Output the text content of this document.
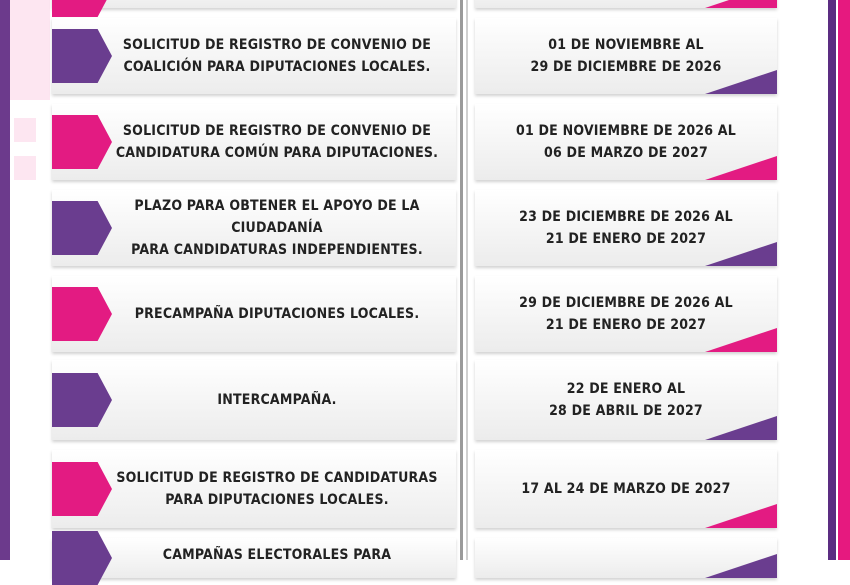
SOLICITUD DE REGISTRO DE CONVENIO DE
COALICIÓN PARA DIPUTACIONES LOCALES.
01 DE NOVIEMBRE AL
29 DE DICIEMBRE DE 2026
SOLICITUD DE REGISTRO DE CONVENIO DE
CANDIDATURA COMÚN PARA DIPUTACIONES.
01 DE NOVIEMBRE DE 2026 AL
06 DE MARZO DE 2027
PLAZO PARA OBTENER EL APOYO DE LA CIUDADANÍA
PARA CANDIDATURAS INDEPENDIENTES.
23 DE DICIEMBRE DE 2026 AL
21 DE ENERO DE 2027
PRECAMPAÑA DIPUTACIONES LOCALES.
29 DE DICIEMBRE DE 2026 AL
21 DE ENERO DE 2027
INTERCAMPAÑA.
22 DE ENERO AL
28 DE ABRIL DE 2027
SOLICITUD DE REGISTRO DE CANDIDATURAS
PARA DIPUTACIONES LOCALES.
17 AL 24 DE MARZO DE 2027
CAMPAÑAS ELECTORALES PARA
